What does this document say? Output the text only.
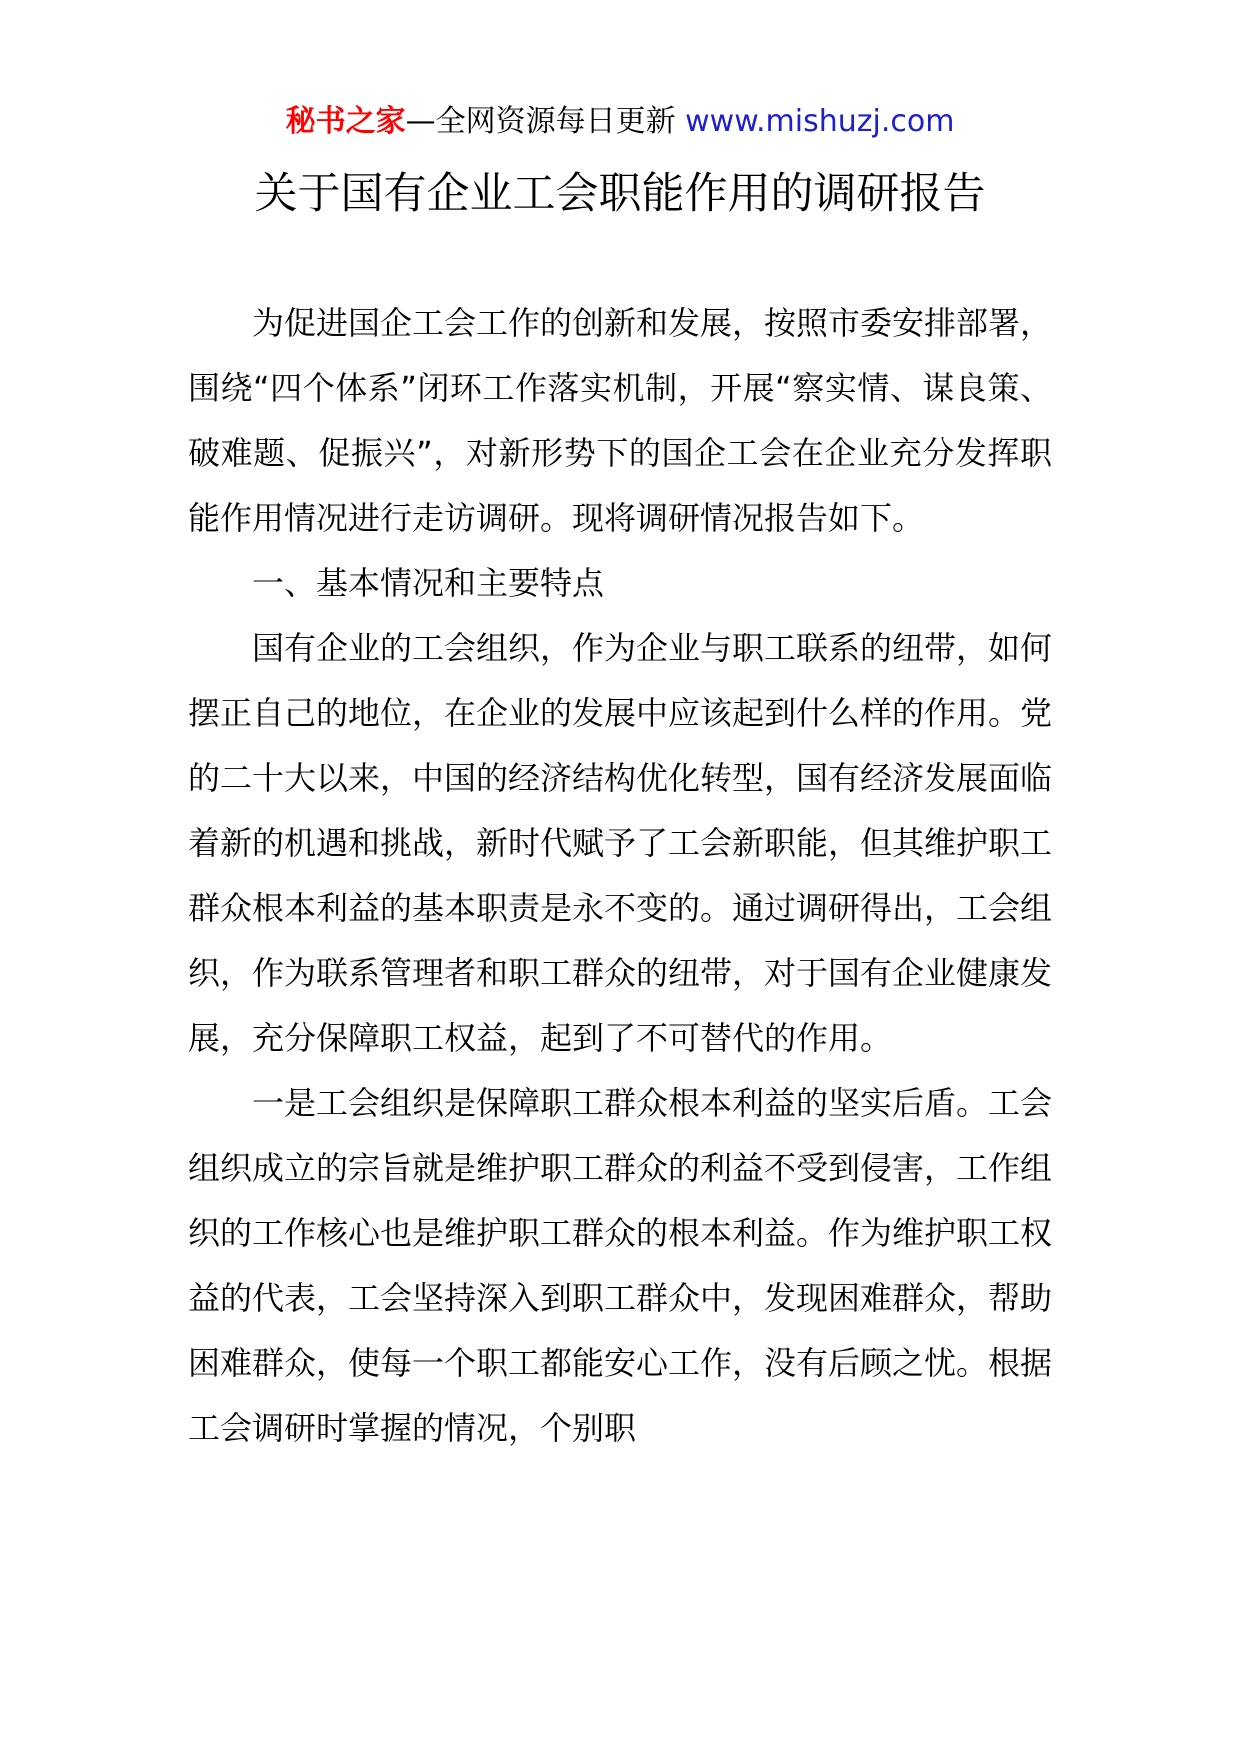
秘书之家—全网资源每日更新 www.mishuzj.com
关于国有企业工会职能作用的调研报告

为促进国企工会工作的创新和发展，按照市委安排部署，围绕“四个体系”闭环工作落实机制，开展“察实情、谋良策、破难题、促振兴”，对新形势下的国企工会在企业充分发挥职能作用情况进行走访调研。现将调研情况报告如下。

一、基本情况和主要特点

国有企业的工会组织，作为企业与职工联系的纽带，如何摆正自己的地位，在企业的发展中应该起到什么样的作用。党的二十大以来，中国的经济结构优化转型，国有经济发展面临着新的机遇和挑战，新时代赋予了工会新职能，但其维护职工群众根本利益的基本职责是永不变的。通过调研得出，工会组织，作为联系管理者和职工群众的纽带，对于国有企业健康发展，充分保障职工权益，起到了不可替代的作用。

一是工会组织是保障职工群众根本利益的坚实后盾。工会组织成立的宗旨就是维护职工群众的利益不受到侵害，工作组织的工作核心也是维护职工群众的根本利益。作为维护职工权益的代表，工会坚持深入到职工群众中，发现困难群众，帮助困难群众，使每一个职工都能安心工作，没有后顾之忧。根据工会调研时掌握的情况，个别职
